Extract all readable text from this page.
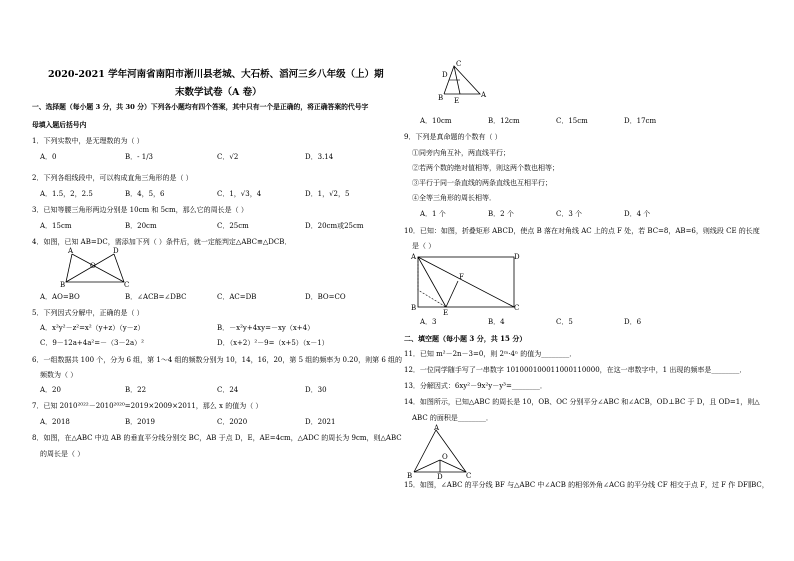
2020-2021 学年河南省南阳市淅川县老城、大石桥、滔河三乡八年级（上）期
末数学试卷（A 卷）
一、选择题（每小题 3 分，共 30 分）下列各小题均有四个答案，其中只有一个是正确的，将正确答案的代号字
母填入题后括号内
1．下列实数中，是无理数的为（ ）
A．0	B．- 1/3	C．√2	D．3.14
2．下列各组线段中，可以构成直角三角形的是（ ）
A．1.5，2，2.5	B．4，5，6	C．1，√3，4	D．1，√2，5
3．已知等腰三角形两边分别是 10cm 和 5cm，那么它的周长是（ ）
A．15cm	B．20cm	C．25cm	D．20cm或25cm
4．如图，已知 AB=DC，需添加下列（ ）条件后，就一定能判定△ABC≌△DCB．
A	D
O
B	C
A．AO=BO	B．∠ACB=∠DBC	C．AC=DB	D．BO=CO
5．下列因式分解中，正确的是（ ）
A．x²y²－z²=x²（y+z）（y－z）	B．－x²y+4xy=－xy（x+4）
C．9－12a+4a²=－（3－2a）²	D．（x+2）²－9=（x+5）（x－1）
6．一组数据共 100 个，分为 6 组，第 1～4 组的频数分别为 10，14，16，20，第 5 组的频率为 0.20，则第 6 组的
频数为（ ）
A．20	B．22	C．24	D．30
7．已知 2010²⁰²²－2010²⁰²⁰=2019×2009×2011，那么 x 的值为（ ）
A．2018	B．2019	C．2020	D．2021
8．如图，在△ABC 中边 AB 的垂直平分线分别交 BC，AB 于点 D，E，AE=4cm，△ADC 的周长为 9cm，则△ABC
的周长是（ ）
B
C
D
E
A
A．10cm	B．12cm	C．15cm	D．17cm
9．下列是真命题的个数有（ ）
①同旁内角互补，两直线平行；
②若两个数的绝对值相等，则这两个数也相等；
③平行于同一条直线的两条直线也互相平行；
④全等三角形的周长相等．
A．1 个	B．2 个	C．3 个	D．4 个
10．已知：如图，折叠矩形 ABCD，使点 B 落在对角线 AC 上的点 F 处，若 BC=8，AB=6，则线段 CE 的长度
是（ ）
A	D
F
B
E
C
A．3	B．4	C．5	D．6
二、填空题（每小题 3 分，共 15 分）
11．已知 m²－2n－3=0，则 2ᵐ·4ⁿ 的值为________．
12．一位同学随手写了一串数字 101000100011000110000，在这一串数字中，1 出现的频率是________．
13．分解因式：6xy²－9x²y－y³=________．
14．如图所示，已知△ABC 的周长是 10，OB、OC 分别平分∠ABC 和∠ACB，OD⊥BC 于 D，且 OD=1，则△
ABC 的面积是________．
A
O
B	D	C
15．如图，∠ABC 的平分线 BF 与△ABC 中∠ACB 的相邻外角∠ACG 的平分线 CF 相交于点 F，过 F 作 DF∥BC，
